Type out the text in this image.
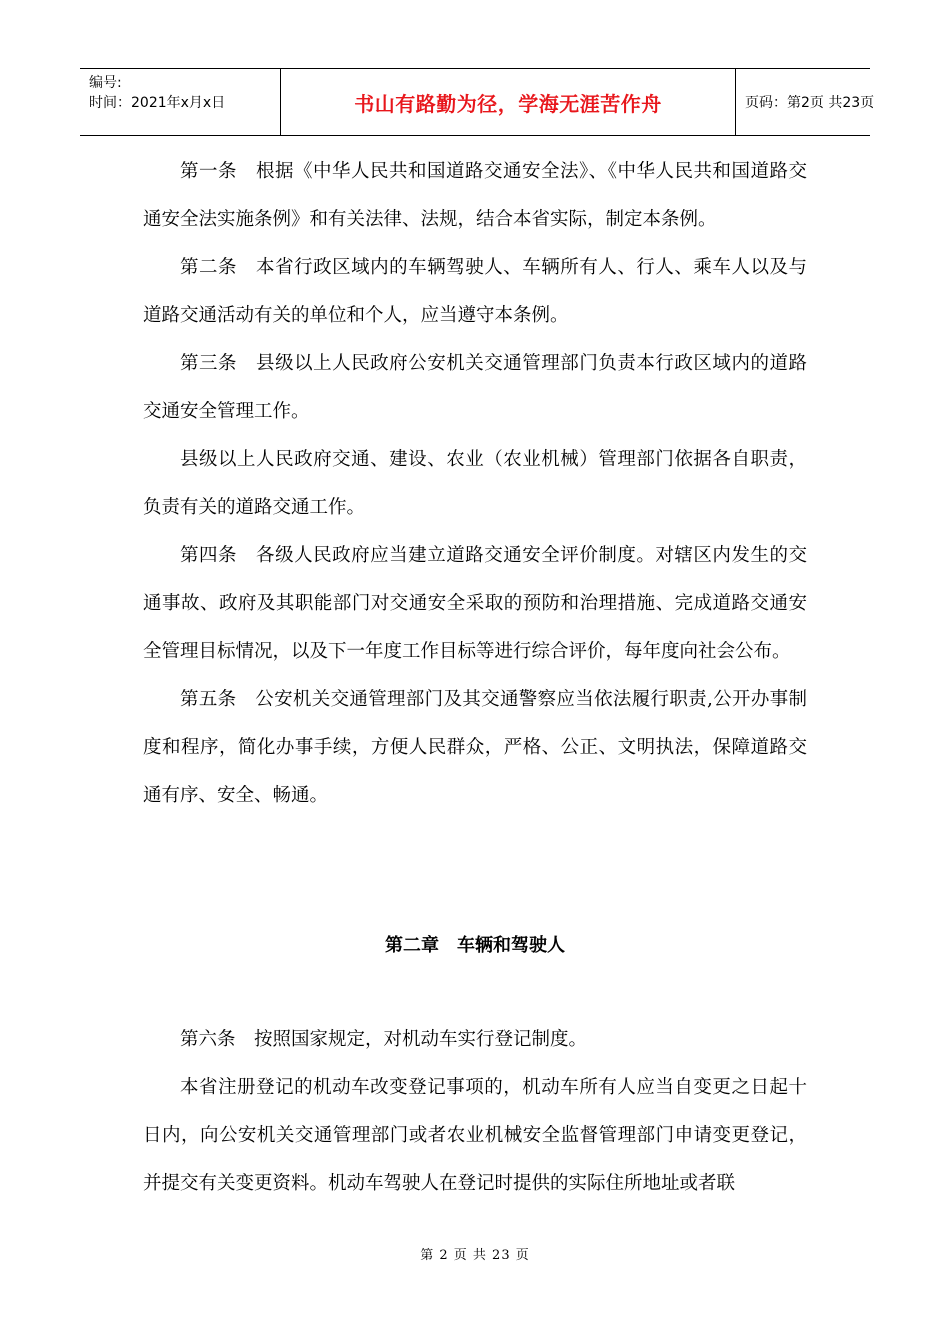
编号:
时间：2021年x月x日	书山有路勤为径，学海无涯苦作舟	页码：第2页 共23页

第一条　根据《中华人民共和国道路交通安全法》、《中华人民共和国道路交通安全法实施条例》和有关法律、法规，结合本省实际，制定本条例。

第二条　本省行政区域内的车辆驾驶人、车辆所有人、行人、乘车人以及与道路交通活动有关的单位和个人，应当遵守本条例。

第三条　县级以上人民政府公安机关交通管理部门负责本行政区域内的道路交通安全管理工作。

县级以上人民政府交通、建设、农业（农业机械）管理部门依据各自职责，负责有关的道路交通工作。

第四条　各级人民政府应当建立道路交通安全评价制度。对辖区内发生的交通事故、政府及其职能部门对交通安全采取的预防和治理措施、完成道路交通安全管理目标情况，以及下一年度工作目标等进行综合评价，每年度向社会公布。

第五条　公安机关交通管理部门及其交通警察应当依法履行职责,公开办事制度和程序，简化办事手续，方便人民群众，严格、公正、文明执法，保障道路交通有序、安全、畅通。

第二章　车辆和驾驶人

第六条　按照国家规定，对机动车实行登记制度。

本省注册登记的机动车改变登记事项的，机动车所有人应当自变更之日起十日内，向公安机关交通管理部门或者农业机械安全监督管理部门申请变更登记，并提交有关变更资料。机动车驾驶人在登记时提供的实际住所地址或者联

第 2 页 共 23 页
